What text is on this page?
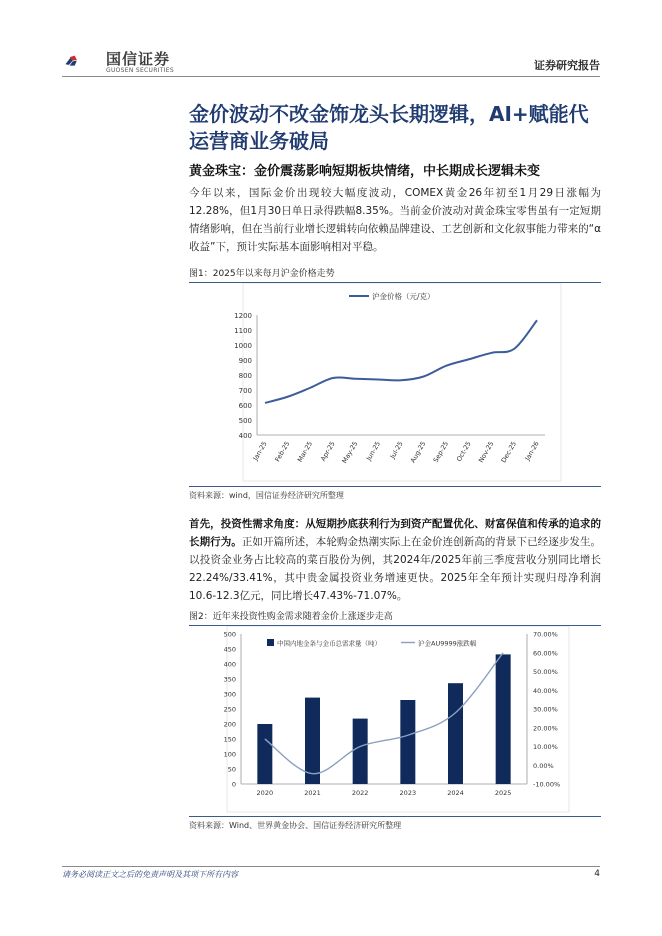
国信证券
GUOSEN SECURITIES	证券研究报告
金价波动不改金饰龙头长期逻辑，AI+赋能代运营商业务破局
黄金珠宝：金价震荡影响短期板块情绪，中长期成长逻辑未变
今年以来，国际金价出现较大幅度波动，COMEX黄金26年初至1月29日涨幅为12.28%，但1月30日单日录得跌幅8.35%。当前金价波动对黄金珠宝零售虽有一定短期情绪影响，但在当前行业增长逻辑转向依赖品牌建设、工艺创新和文化叙事能力带来的“α收益”下，预计实际基本面影响相对平稳。
图1：2025年以来每月沪金价格走势
400
500
600
700
800
900
1000
1100
1200
Jan-25 Feb-25 Mar-25 Apr-25 May-25 Jun-25 Jul-25 Aug-25 Sep-25 Oct-25 Nov-25 Dec-25 Jan-26
沪金价格（元/克）
资料来源：wind，国信证券经济研究所整理
首先，投资性需求角度：从短期抄底获利行为到资产配置优化、财富保值和传承的追求的长期行为。正如开篇所述，本轮购金热潮实际上在金价连创新高的背景下已经逐步发生。以投资金业务占比较高的菜百股份为例，其2024年/2025年前三季度营收分别同比增长22.24%/33.41%，其中贵金属投资业务增速更快。2025年全年预计实现归母净利润10.6-12.3亿元，同比增长47.43%-71.07%。
图2：近年来投资性购金需求随着金价上涨逐步走高
0
50
100
150
200
250
300
350
400
450
500
-10.00%
0.00%
10.00%
20.00%
30.00%
40.00%
50.00%
60.00%
70.00%
2020	2021	2022	2023	2024	2025
中国内地金条与金币总需求量（吨）	沪金AU9999涨跌幅
资料来源：Wind、世界黄金协会、国信证券经济研究所整理
请务必阅读正文之后的免责声明及其项下所有内容	4
